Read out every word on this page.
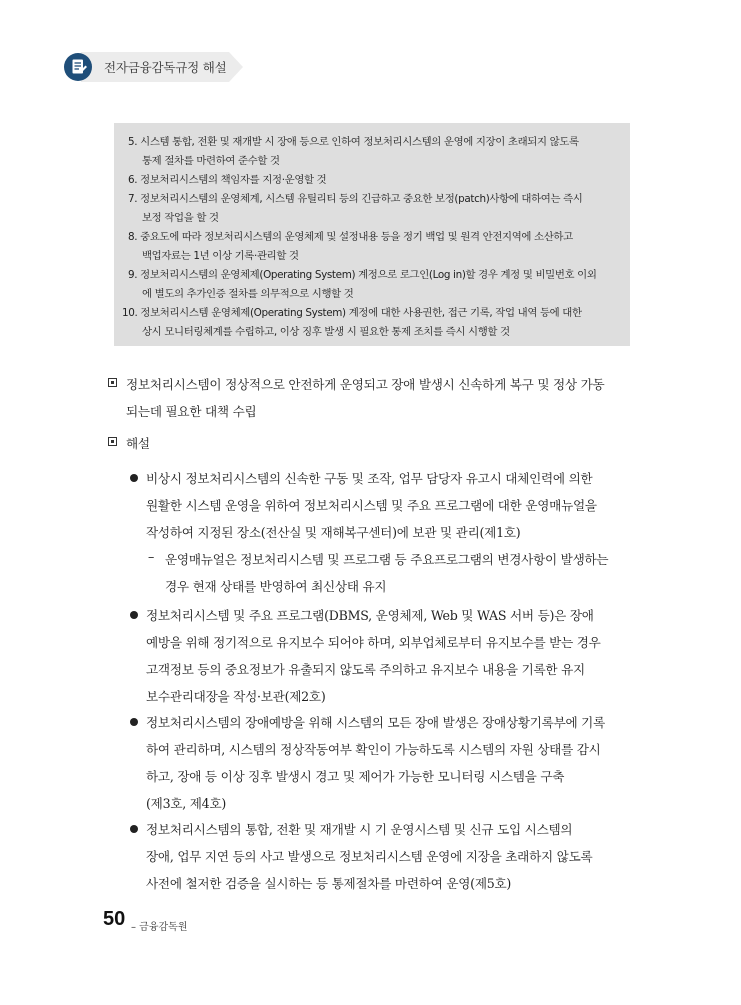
전자금융감독규정 해설
5. 시스템 통합, 전환 및 재개발 시 장애 등으로 인하여 정보처리시스템의 운영에 지장이 초래되지 않도록
통제 절차를 마련하여 준수할 것
6. 정보처리시스템의 책임자를 지정·운영할 것
7. 정보처리시스템의 운영체계, 시스템 유틸리티 등의 긴급하고 중요한 보정(patch)사항에 대하여는 즉시
보정 작업을 할 것
8. 중요도에 따라 정보처리시스템의 운영체제 및 설정내용 등을 정기 백업 및 원격 안전지역에 소산하고
백업자료는 1년 이상 기록·관리할 것
9. 정보처리시스템의 운영체제(Operating System) 계정으로 로그인(Log in)할 경우 계정 및 비밀번호 이외
에 별도의 추가인증 절차를 의무적으로 시행할 것
10. 정보처리시스템 운영체제(Operating System) 계정에 대한 사용권한, 접근 기록, 작업 내역 등에 대한
상시 모니터링체계를 수립하고, 이상 징후 발생 시 필요한 통제 조치를 즉시 시행할 것
정보처리시스템이 정상적으로 안전하게 운영되고 장애 발생시 신속하게 복구 및 정상 가동
되는데 필요한 대책 수립
해설
비상시 정보처리시스템의 신속한 구동 및 조작, 업무 담당자 유고시 대체인력에 의한
원활한 시스템 운영을 위하여 정보처리시스템 및 주요 프로그램에 대한 운영매뉴얼을
작성하여 지정된 장소(전산실 및 재해복구센터)에 보관 및 관리(제1호)
– 운영매뉴얼은 정보처리시스템 및 프로그램 등 주요프로그램의 변경사항이 발생하는
경우 현재 상태를 반영하여 최신상태 유지
정보처리시스템 및 주요 프로그램(DBMS, 운영체제, Web 및 WAS 서버 등)은 장애
예방을 위해 정기적으로 유지보수 되어야 하며, 외부업체로부터 유지보수를 받는 경우
고객정보 등의 중요정보가 유출되지 않도록 주의하고 유지보수 내용을 기록한 유지
보수관리대장을 작성·보관(제2호)
정보처리시스템의 장애예방을 위해 시스템의 모든 장애 발생은 장애상황기록부에 기록
하여 관리하며, 시스템의 정상작동여부 확인이 가능하도록 시스템의 자원 상태를 감시
하고, 장애 등 이상 징후 발생시 경고 및 제어가 가능한 모니터링 시스템을 구축
(제3호, 제4호)
정보처리시스템의 통합, 전환 및 재개발 시 기 운영시스템 및 신규 도입 시스템의
장애, 업무 지연 등의 사고 발생으로 정보처리시스템 운영에 지장을 초래하지 않도록
사전에 철저한 검증을 실시하는 등 통제절차를 마련하여 운영(제5호)
50 – 금융감독원
